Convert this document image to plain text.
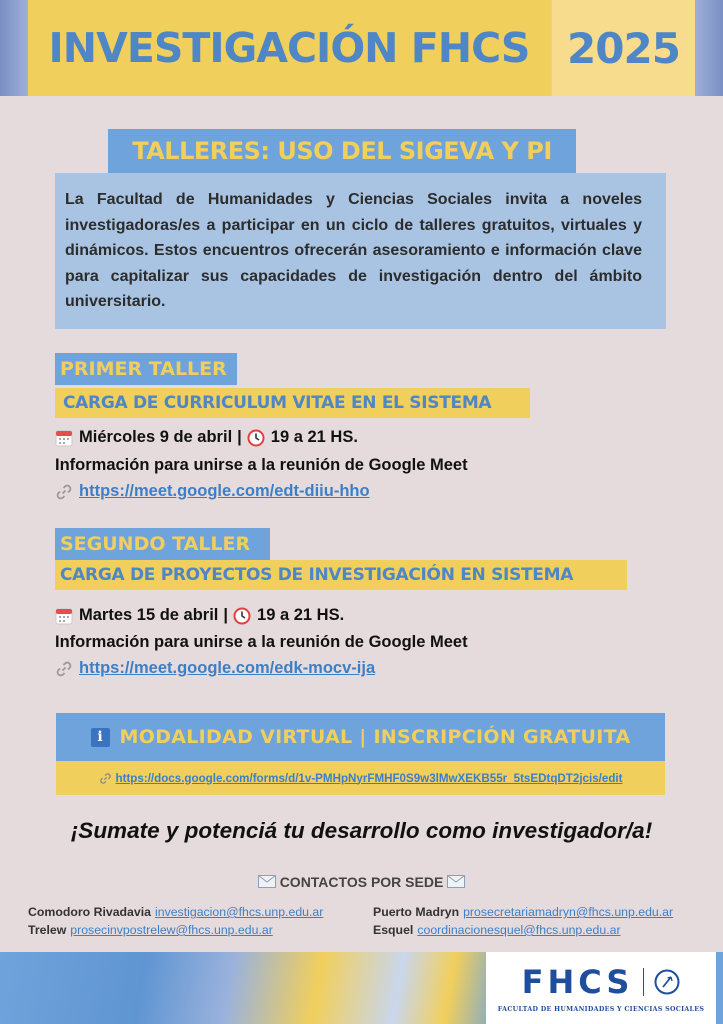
INVESTIGACIÓN FHCS 2025
TALLERES: USO DEL SIGEVA Y PI

La Facultad de Humanidades y Ciencias Sociales invita a noveles investigadoras/es a participar en un ciclo de talleres gratuitos, virtuales y dinámicos. Estos encuentros ofrecerán asesoramiento e información clave para capitalizar sus capacidades de investigación dentro del ámbito universitario.

PRIMER TALLER
CARGA DE CURRICULUM VITAE EN EL SISTEMA
Miércoles 9 de abril | 19 a 21 HS.
Información para unirse a la reunión de Google Meet
https://meet.google.com/edt-diiu-hho
SEGUNDO TALLER
CARGA DE PROYECTOS DE INVESTIGACIÓN EN SISTEMA
Martes 15 de abril | 19 a 21 HS.
Información para unirse a la reunión de Google Meet
https://meet.google.com/edk-mocv-ija
i MODALIDAD VIRTUAL | INSCRIPCIÓN GRATUITA
https://docs.google.com/forms/d/1v-PMHpNyrFMHF0S9w3lMwXEKB55r_5tsEDtqDT2jcis/edit
¡Sumate y potenciá tu desarrollo como investigador/a!
CONTACTOS POR SEDE
Comodoro Rivadavia investigacion@fhcs.unp.edu.ar
Trelew prosecinvpostrelew@fhcs.unp.edu.ar
Puerto Madryn prosecretariamadryn@fhcs.unp.edu.ar
Esquel coordinacionesquel@fhcs.unp.edu.ar
FHCS
FACULTAD DE HUMANIDADES Y CIENCIAS SOCIALES
